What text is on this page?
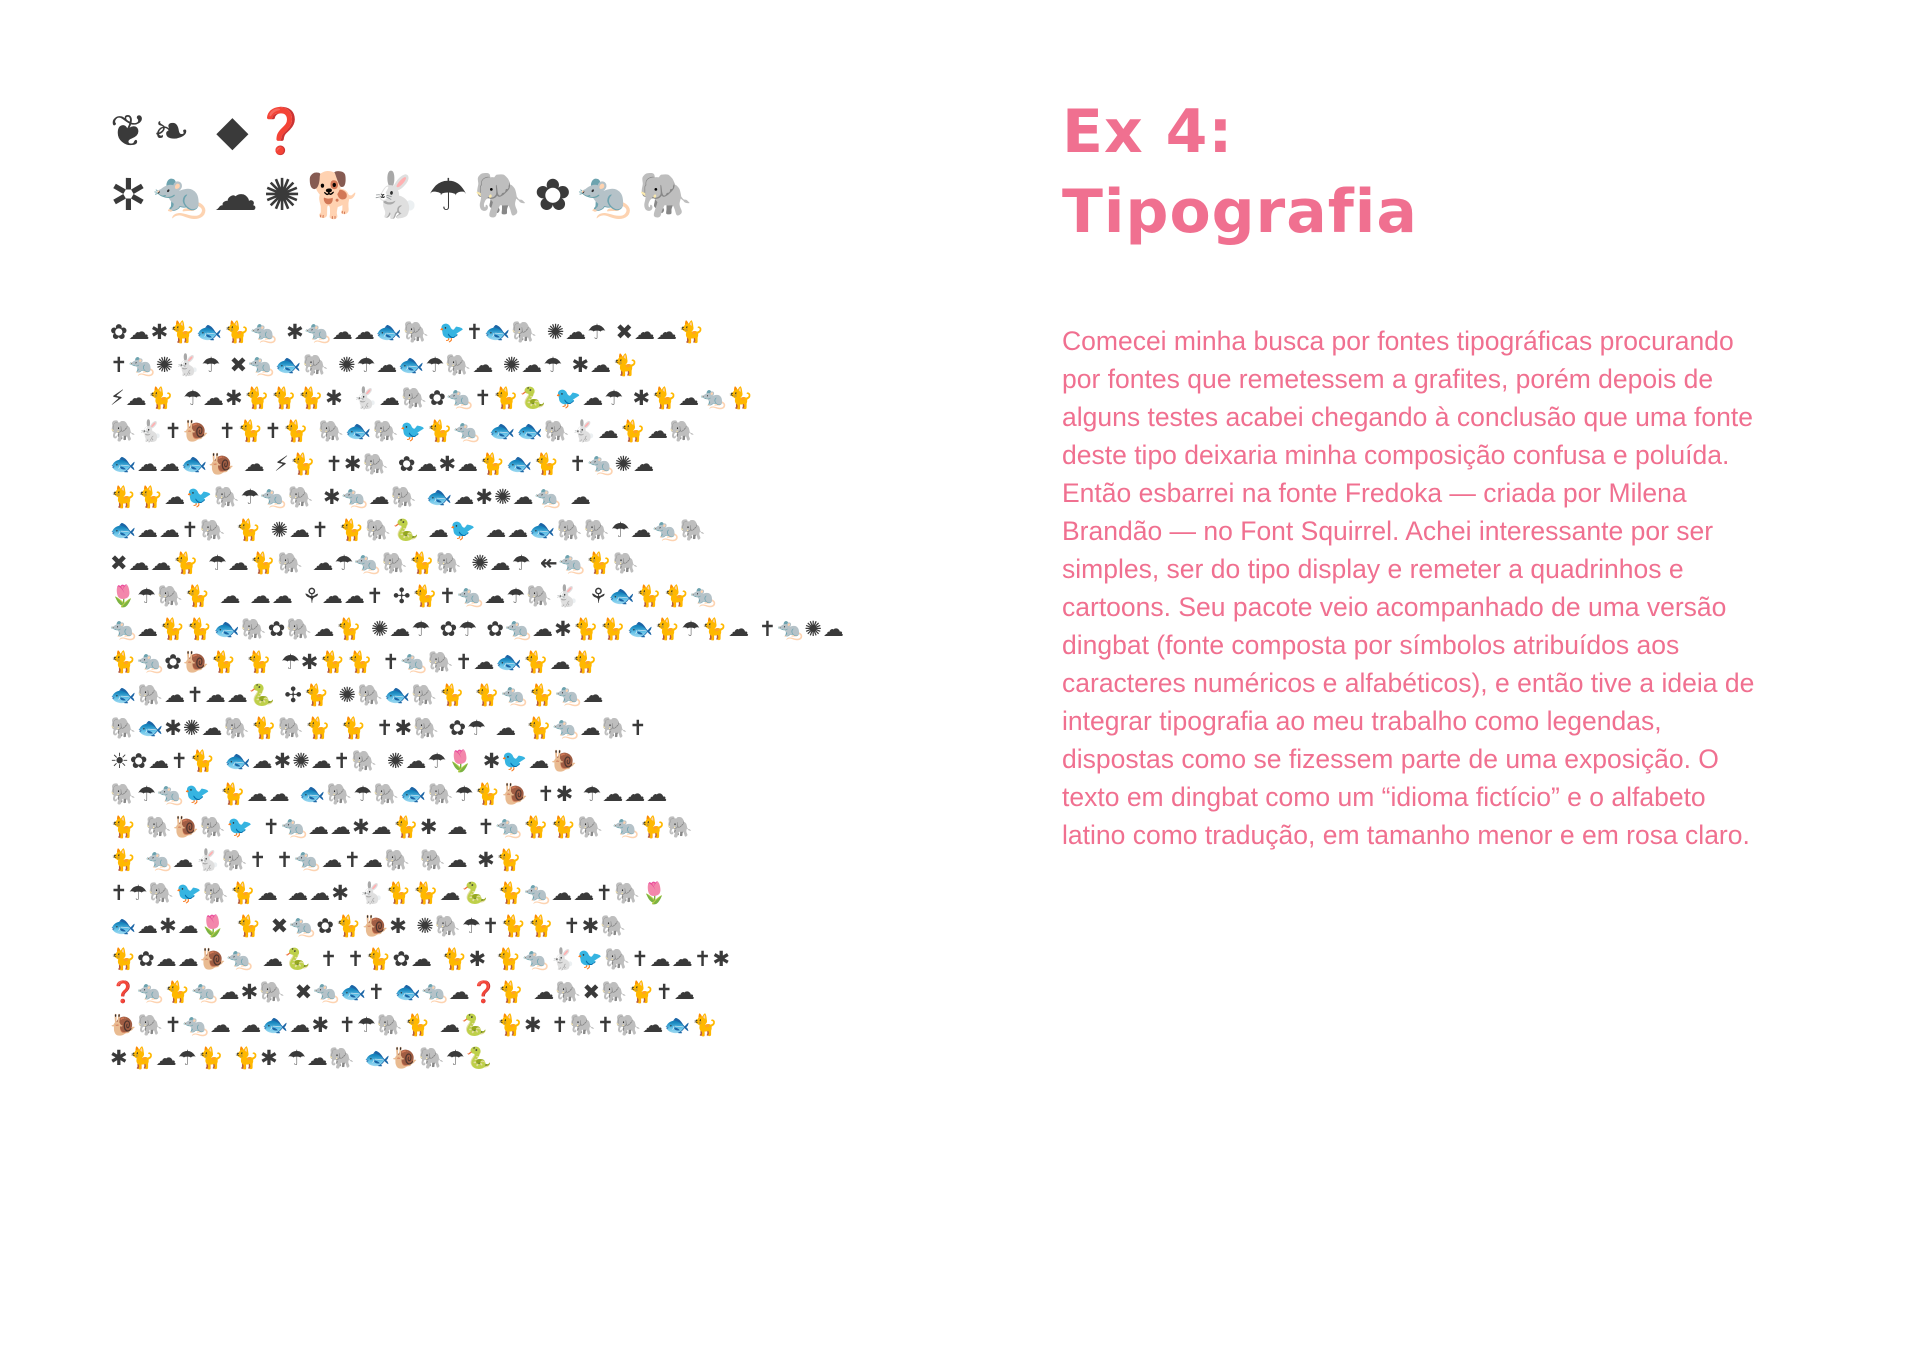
❦❧ ⬥❓
✲🐀☁✺🐕🐇☂🐘✿🐀🐘
✿☁✱🐈🐟🐈🐀 ✱🐀☁☁🐟🐘 🐦✝🐟🐘 ✺☁☂ ✖☁☁🐈
✝🐀✺🐇☂ ✖🐀🐟🐘 ✺☂☁🐟☂🐘☁ ✺☁☂ ✱☁🐈
⚡☁🐈 ☂☁✱🐈🐈🐈✱ 🐇☁🐘✿🐀✝🐈🐍 🐦☁☂ ✱🐈☁🐀🐈
🐘🐇✝🐌 ✝🐈✝🐈 🐘🐟🐘🐦🐈🐀 🐟🐟🐘🐇☁🐈☁🐘
🐟☁☁🐟🐌 ☁ ⚡🐈 ✝✱🐘 ✿☁✱☁🐈🐟🐈 ✝🐀✺☁
🐈🐈☁🐦🐘☂🐀🐘 ✱🐀☁🐘 🐟☁✱✺☁🐀 ☁
🐟☁☁✝🐘 🐈 ✺☁✝ 🐈🐘🐍 ☁🐦 ☁☁🐟🐘🐘☂☁🐀🐘
✖☁☁🐈 ☂☁🐈🐘 ☁☂🐀🐘🐈🐘 ✺☁☂ ↞🐀🐈🐘
🌷☂🐘🐈 ☁ ☁☁ ⚘☁☁✝ ✣🐈✝🐀☁☂🐘🐇 ⚘🐟🐈🐈🐀
🐀☁🐈🐈🐟🐘✿🐘☁🐈 ✺☁☂ ✿☂ ✿🐀☁✱🐈🐈🐟🐈☂🐈☁ ✝🐀✺☁
🐈🐀✿🐌🐈 🐈 ☂✱🐈🐈 ✝🐀🐘✝☁🐟🐈☁🐈
🐟🐘☁✝☁☁🐍 ✣🐈 ✺🐘🐟🐘🐈 🐈🐀🐈🐀☁
🐘🐟✱✺☁🐘🐈🐘🐈 🐈 ✝✱🐘 ✿☂ ☁ 🐈🐀☁🐘✝
☀✿☁✝🐈 🐟☁✱✺☁✝🐘 ✺☁☂🌷 ✱🐦☁🐌
🐘☂🐀🐦 🐈☁☁ 🐟🐘☂🐘🐟🐘☂🐈🐌 ✝✱ ☂☁☁☁
🐈 🐘🐌🐘🐦 ✝🐀☁☁✱☁🐈✱ ☁ ✝🐀🐈🐈🐘 🐀🐈🐘
🐈 🐀☁🐇🐘✝ ✝🐀☁✝☁🐘 🐘☁ ✱🐈
✝☂🐘🐦🐘🐈☁ ☁☁✱ 🐇🐈🐈☁🐍 🐈🐀☁☁✝🐘🌷
🐟☁✱☁🌷 🐈 ✖🐀✿🐈🐌✱ ✺🐘☂✝🐈🐈 ✝✱🐘
🐈✿☁☁🐌🐀 ☁🐍 ✝ ✝🐈✿☁ 🐈✱ 🐈🐀🐇🐦🐘✝☁☁✝✱
❓🐀🐈🐀☁✱🐘 ✖🐀🐟✝ 🐟🐀☁❓🐈 ☁🐘✖🐘🐈✝☁
🐌🐘✝🐀☁ ☁🐟☁✱ ✝☂🐘🐈 ☁🐍 🐈✱ ✝🐘✝🐘☁🐟🐈
✱🐈☁☂🐈 🐈✱ ☂☁🐘 🐟🐌🐘☂🐍
Ex 4:
Tipografia
Comecei minha busca por fontes tipográficas procurando
por fontes que remetessem a grafites, porém depois de
alguns testes acabei chegando à conclusão que uma fonte
deste tipo deixaria minha composição confusa e poluída.
Então esbarrei na fonte Fredoka — criada por Milena
Brandão — no Font Squirrel. Achei interessante por ser
simples, ser do tipo display e remeter a quadrinhos e
cartoons. Seu pacote veio acompanhado de uma versão
dingbat (fonte composta por símbolos atribuídos aos
caracteres numéricos e alfabéticos), e então tive a ideia de
integrar tipografia ao meu trabalho como legendas,
dispostas como se fizessem parte de uma exposição. O
texto em dingbat como um “idioma fictício” e o alfabeto
latino como tradução, em tamanho menor e em rosa claro.
